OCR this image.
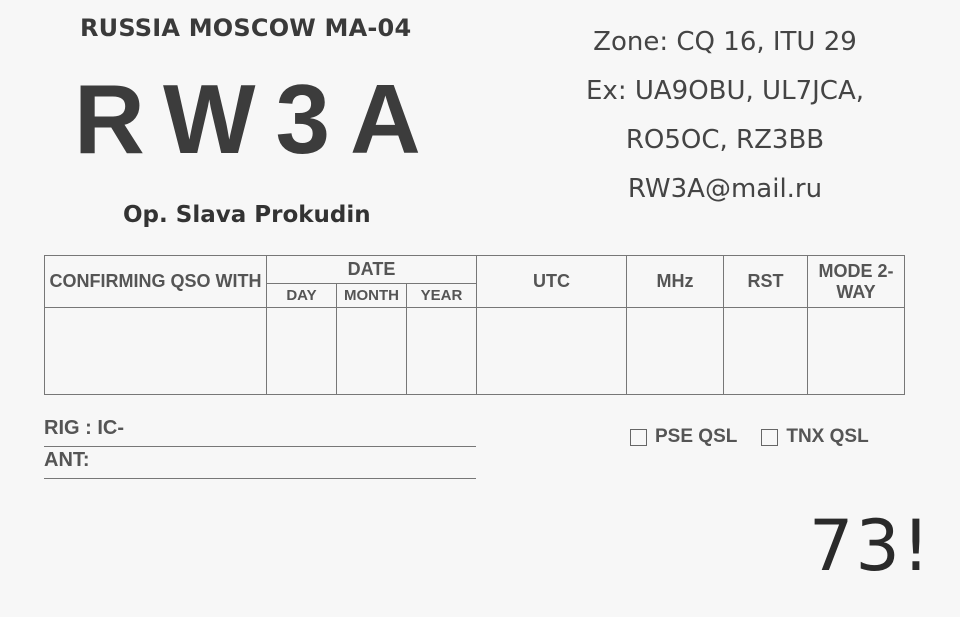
RUSSIA MOSCOW MA-04
RW3A
Op. Slava Prokudin
Zone: CQ 16, ITU 29
Ex: UA9OBU, UL7JCA,
RO5OC, RZ3BB
RW3A@mail.ru
CONFIRMING QSO WITH	DATE			UTC	MHz	RST	MODE 2-WAY
	DAY	MONTH	YEAR				

RIG : IC-
ANT:
PSE QSL	TNX QSL
73!
